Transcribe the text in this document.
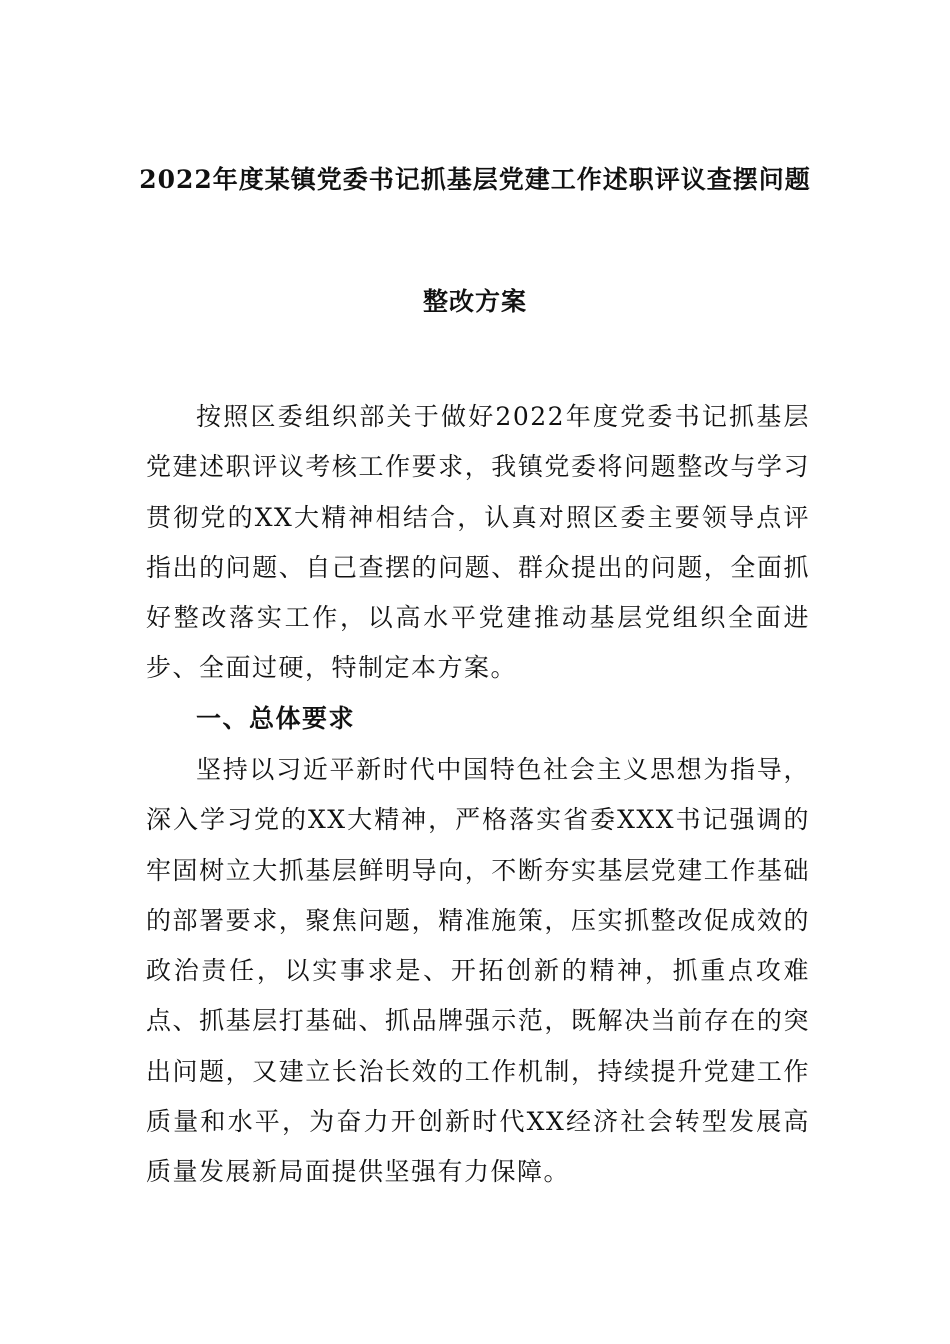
2022年度某镇党委书记抓基层党建工作述职评议查摆问题
整改方案

按照区委组织部关于做好2022年度党委书记抓基层党建述职评议考核工作要求，我镇党委将问题整改与学习贯彻党的XX大精神相结合，认真对照区委主要领导点评指出的问题、自己查摆的问题、群众提出的问题，全面抓好整改落实工作，以高水平党建推动基层党组织全面进步、全面过硬，特制定本方案。

一、总体要求

坚持以习近平新时代中国特色社会主义思想为指导，深入学习党的XX大精神，严格落实省委XXX书记强调的牢固树立大抓基层鲜明导向，不断夯实基层党建工作基础的部署要求，聚焦问题，精准施策，压实抓整改促成效的政治责任，以实事求是、开拓创新的精神，抓重点攻难点、抓基层打基础、抓品牌强示范，既解决当前存在的突出问题，又建立长治长效的工作机制，持续提升党建工作质量和水平，为奋力开创新时代XX经济社会转型发展高质量发展新局面提供坚强有力保障。
